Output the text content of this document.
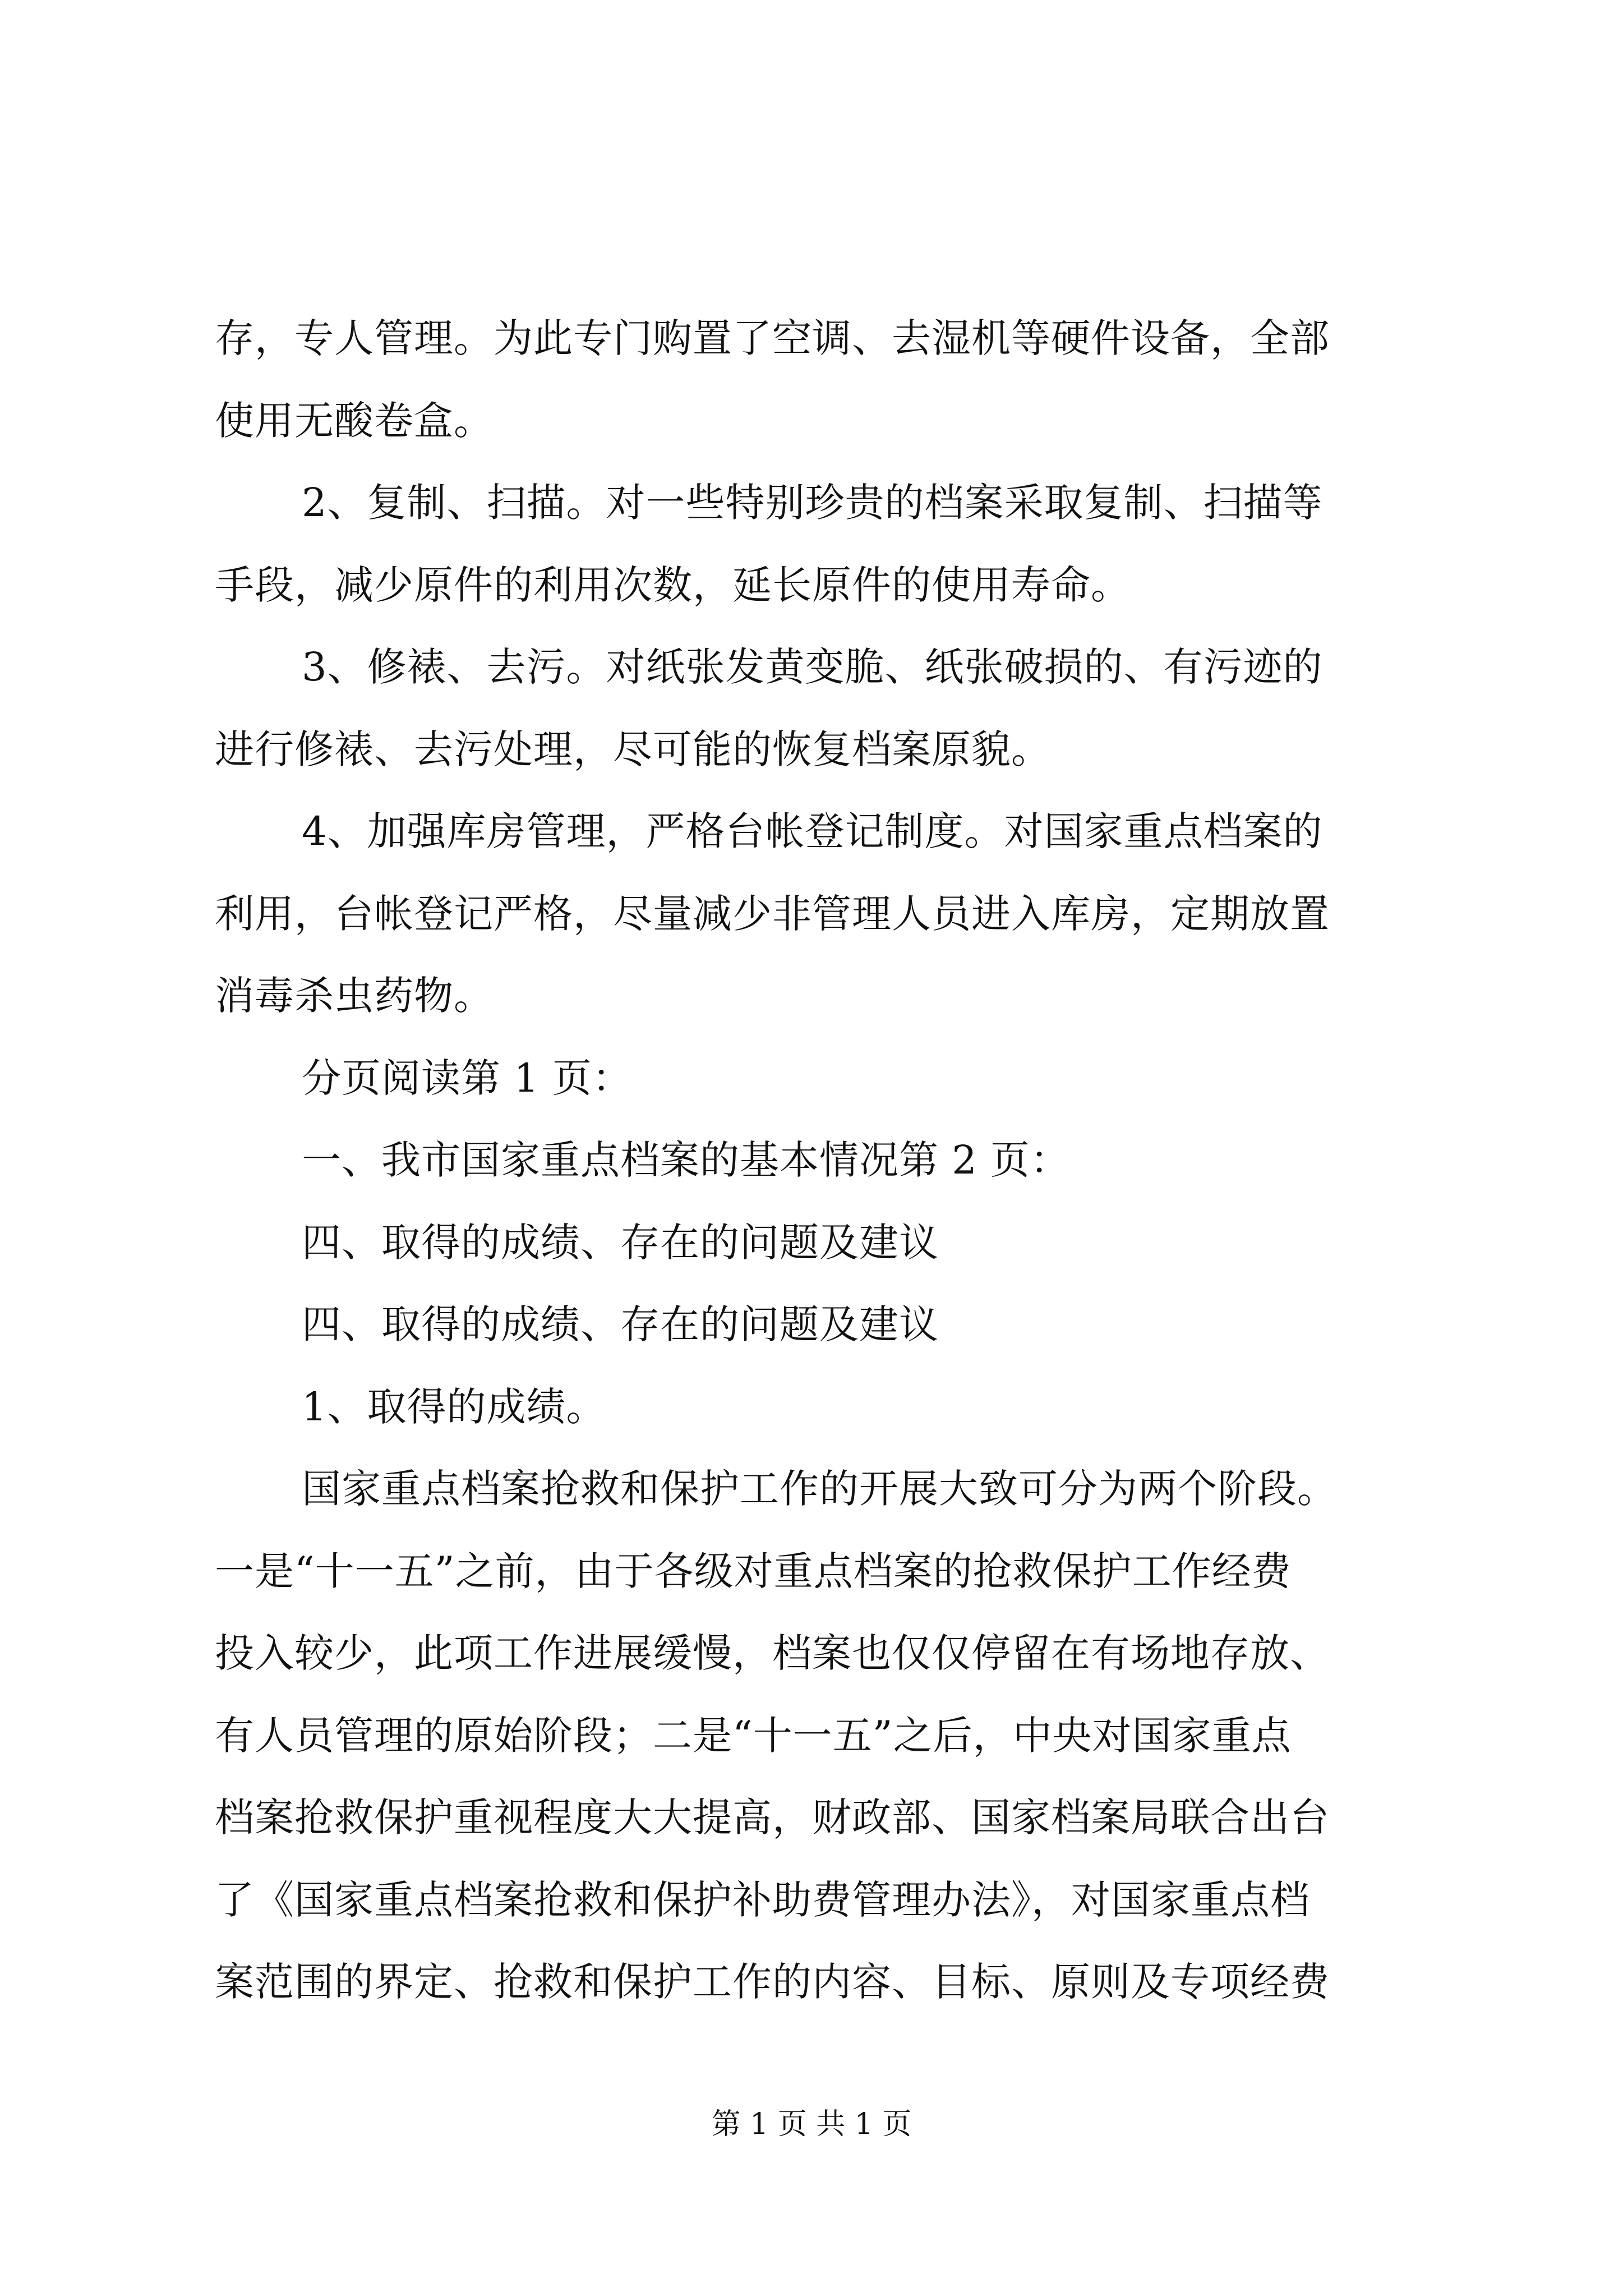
存，专人管理。为此专门购置了空调、去湿机等硬件设备，全部
使用无酸卷盒。
2、复制、扫描。对一些特别珍贵的档案采取复制、扫描等
手段，减少原件的利用次数，延长原件的使用寿命。
3、修裱、去污。对纸张发黄变脆、纸张破损的、有污迹的
进行修裱、去污处理，尽可能的恢复档案原貌。
4、加强库房管理，严格台帐登记制度。对国家重点档案的
利用，台帐登记严格，尽量减少非管理人员进入库房，定期放置
消毒杀虫药物。
分页阅读第 1 页：
一、我市国家重点档案的基本情况第 2 页：
四、取得的成绩、存在的问题及建议
四、取得的成绩、存在的问题及建议
1、取得的成绩。
国家重点档案抢救和保护工作的开展大致可分为两个阶段。
一是“十一五”之前，由于各级对重点档案的抢救保护工作经费
投入较少，此项工作进展缓慢，档案也仅仅停留在有场地存放、
有人员管理的原始阶段；二是“十一五”之后，中央对国家重点
档案抢救保护重视程度大大提高，财政部、国家档案局联合出台
了《国家重点档案抢救和保护补助费管理办法》，对国家重点档
案范围的界定、抢救和保护工作的内容、目标、原则及专项经费
第 1 页 共 1 页
